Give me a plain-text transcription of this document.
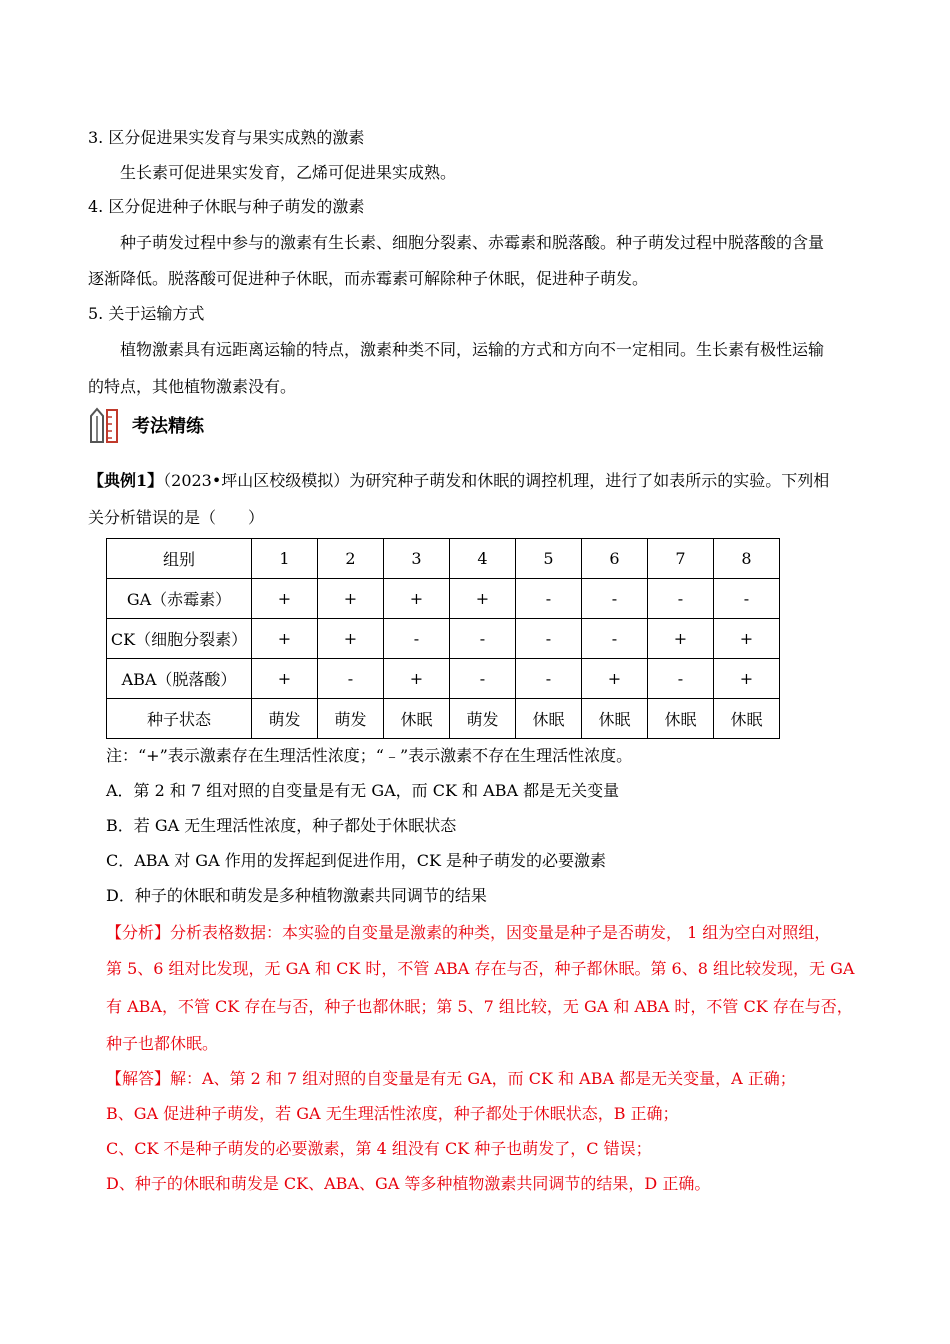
3. 区分促进果实发育与果实成熟的激素
生长素可促进果实发育，乙烯可促进果实成熟。
4. 区分促进种子休眠与种子萌发的激素
种子萌发过程中参与的激素有生长素、细胞分裂素、赤霉素和脱落酸。种子萌发过程中脱落酸的含量
逐渐降低。脱落酸可促进种子休眠，而赤霉素可解除种子休眠，促进种子萌发。
5. 关于运输方式
植物激素具有远距离运输的特点，激素种类不同，运输的方式和方向不一定相同。生长素有极性运输
的特点，其他植物激素没有。
考法精练
【典例1】（2023•坪山区校级模拟）为研究种子萌发和休眠的调控机理，进行了如表所示的实验。下列相
关分析错误的是（　　）
组别	1	2	3	4	5	6	7	8
GA（赤霉素）	+	+	+	+	-	-	-	-
CK（细胞分裂素）	+	+	-	-	-	-	+	+
ABA（脱落酸）	+	-	+	-	-	+	-	+
种子状态	萌发	萌发	休眠	萌发	休眠	休眠	休眠	休眠
注：“+”表示激素存在生理活性浓度；“﹣”表示激素不存在生理活性浓度。
A．第 2 和 7 组对照的自变量是有无 GA，而 CK 和 ABA 都是无关变量
B．若 GA 无生理活性浓度，种子都处于休眠状态
C．ABA 对 GA 作用的发挥起到促进作用，CK 是种子萌发的必要激素
D．种子的休眠和萌发是多种植物激素共同调节的结果
【分析】分析表格数据：本实验的自变量是激素的种类，因变量是种子是否萌发， 1 组为空白对照组，
第 5、6 组对比发现，无 GA 和 CK 时，不管 ABA 存在与否，种子都休眠。第 6、8 组比较发现，无 GA
有 ABA，不管 CK 存在与否，种子也都休眠；第 5、7 组比较，无 GA 和 ABA 时，不管 CK 存在与否，
种子也都休眠。
【解答】解：A、第 2 和 7 组对照的自变量是有无 GA，而 CK 和 ABA 都是无关变量，A 正确；
B、GA 促进种子萌发，若 GA 无生理活性浓度，种子都处于休眠状态，B 正确；
C、CK 不是种子萌发的必要激素，第 4 组没有 CK 种子也萌发了，C 错误；
D、种子的休眠和萌发是 CK、ABA、GA 等多种植物激素共同调节的结果，D 正确。
